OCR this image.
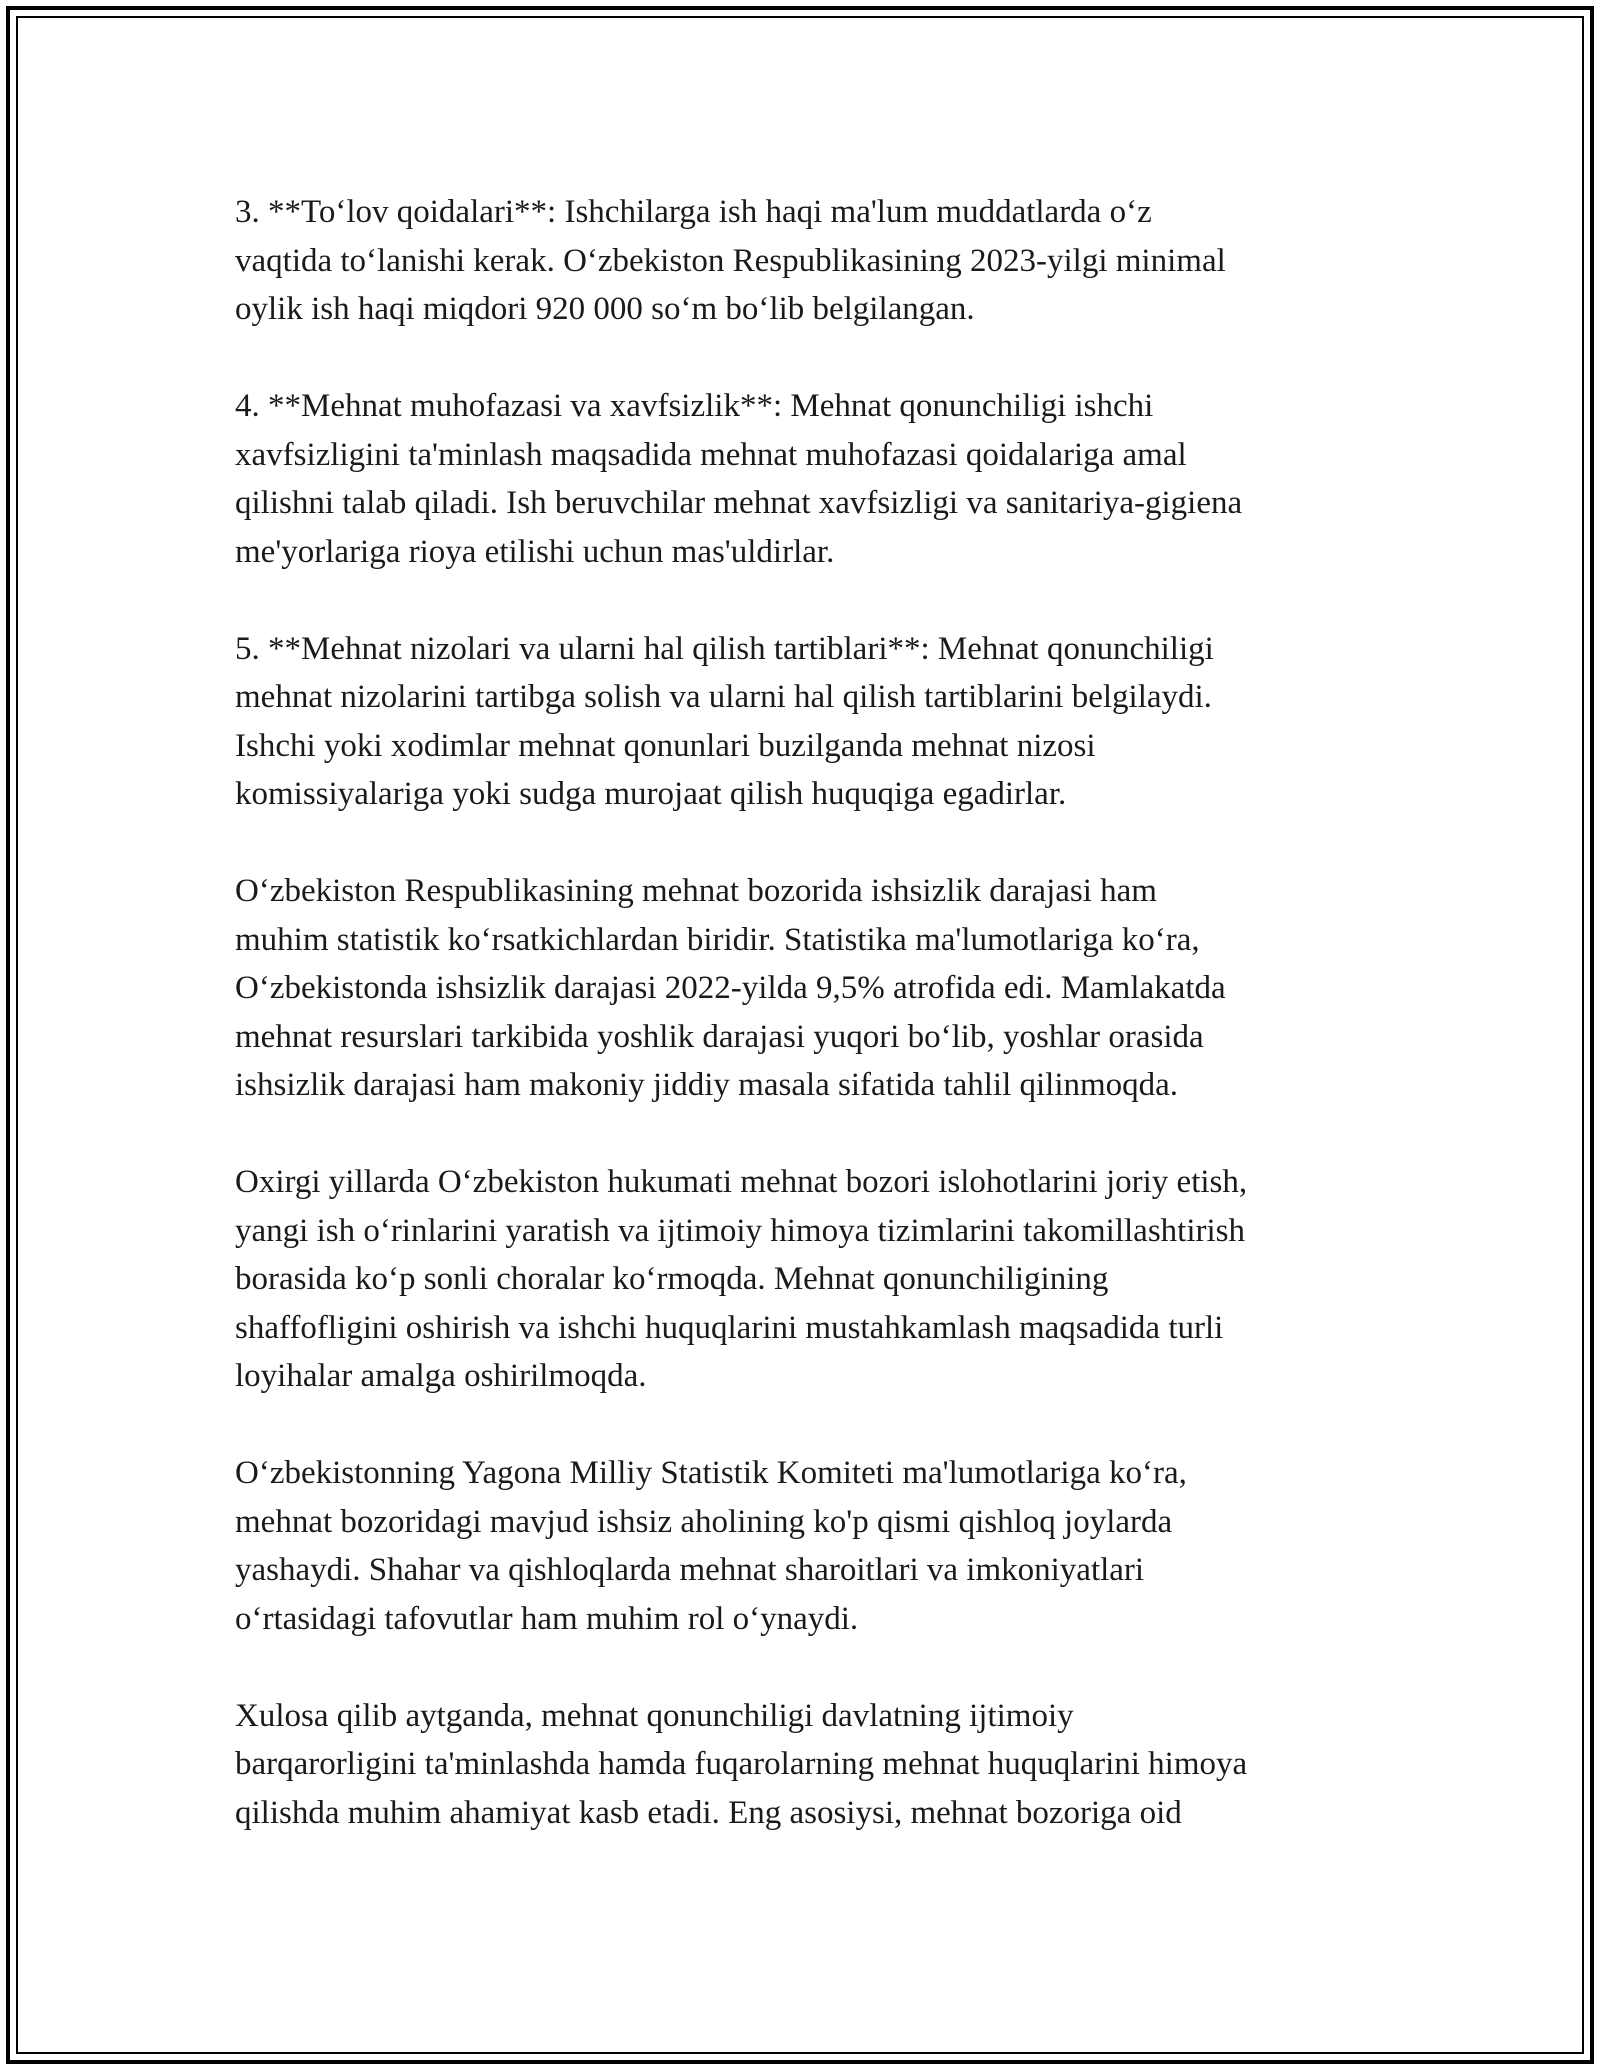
3. **To‘lov qoidalari**: Ishchilarga ish haqi ma'lum muddatlarda o‘z
vaqtida to‘lanishi kerak. O‘zbekiston Respublikasining 2023-yilgi minimal
oylik ish haqi miqdori 920 000 so‘m bo‘lib belgilangan.

4. **Mehnat muhofazasi va xavfsizlik**: Mehnat qonunchiligi ishchi
xavfsizligini ta'minlash maqsadida mehnat muhofazasi qoidalariga amal
qilishni talab qiladi. Ish beruvchilar mehnat xavfsizligi va sanitariya-gigiena
me'yorlariga rioya etilishi uchun mas'uldirlar.

5. **Mehnat nizolari va ularni hal qilish tartiblari**: Mehnat qonunchiligi
mehnat nizolarini tartibga solish va ularni hal qilish tartiblarini belgilaydi.
Ishchi yoki xodimlar mehnat qonunlari buzilganda mehnat nizosi
komissiyalariga yoki sudga murojaat qilish huquqiga egadirlar.

O‘zbekiston Respublikasining mehnat bozorida ishsizlik darajasi ham
muhim statistik ko‘rsatkichlardan biridir. Statistika ma'lumotlariga ko‘ra,
O‘zbekistonda ishsizlik darajasi 2022-yilda 9,5% atrofida edi. Mamlakatda
mehnat resurslari tarkibida yoshlik darajasi yuqori bo‘lib, yoshlar orasida
ishsizlik darajasi ham makoniy jiddiy masala sifatida tahlil qilinmoqda.

Oxirgi yillarda O‘zbekiston hukumati mehnat bozori islohotlarini joriy etish,
yangi ish o‘rinlarini yaratish va ijtimoiy himoya tizimlarini takomillashtirish
borasida ko‘p sonli choralar ko‘rmoqda. Mehnat qonunchiligining
shaffofligini oshirish va ishchi huquqlarini mustahkamlash maqsadida turli
loyihalar amalga oshirilmoqda.

O‘zbekistonning Yagona Milliy Statistik Komiteti ma'lumotlariga ko‘ra,
mehnat bozoridagi mavjud ishsiz aholining ko'p qismi qishloq joylarda
yashaydi. Shahar va qishloqlarda mehnat sharoitlari va imkoniyatlari
o‘rtasidagi tafovutlar ham muhim rol o‘ynaydi.

Xulosa qilib aytganda, mehnat qonunchiligi davlatning ijtimoiy
barqarorligini ta'minlashda hamda fuqarolarning mehnat huquqlarini himoya
qilishda muhim ahamiyat kasb etadi. Eng asosiysi, mehnat bozoriga oid
